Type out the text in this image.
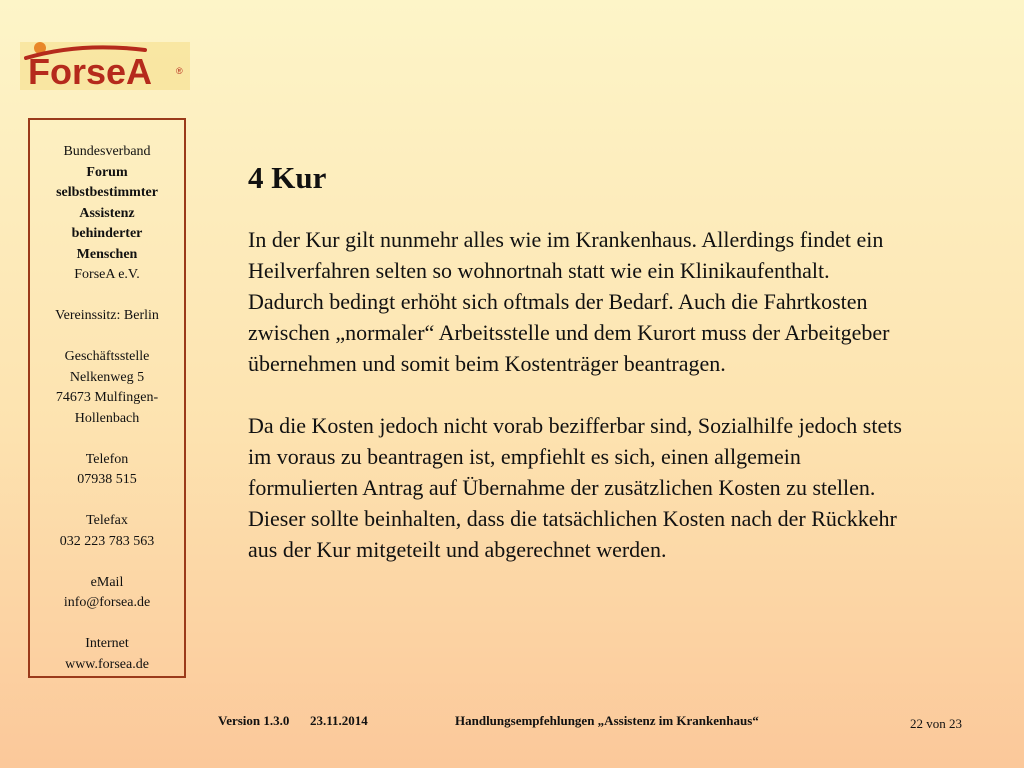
ForseA	®
Bundesverband
Forum
selbstbestimmter
Assistenz
behinderter
Menschen
ForseA e.V.
Vereinssitz: Berlin
Geschäftsstelle
Nelkenweg 5
74673 Mulfingen-
Hollenbach
Telefon
07938 515
Telefax
032 223 783 563
eMail
info@forsea.de
Internet
www.forsea.de
4 Kur

In der Kur gilt nunmehr alles wie im Krankenhaus. Allerdings findet ein Heilverfahren selten so wohnortnah statt wie ein Klinikaufenthalt. Dadurch bedingt erhöht sich oftmals der Bedarf. Auch die Fahrtkosten zwischen „normaler“ Arbeitsstelle und dem Kurort muss der Arbeitgeber übernehmen und somit beim Kostenträger beantragen.

Da die Kosten jedoch nicht vorab bezifferbar sind, Sozialhilfe jedoch stets im voraus zu beantragen ist, empfiehlt es sich, einen allgemein formulierten Antrag auf Übernahme der zusätzlichen Kosten zu stellen. Dieser sollte beinhalten, dass die tatsächlichen Kosten nach der Rückkehr aus der Kur mitgeteilt und abgerechnet werden.

Version 1.3.0 23.11.2014	Handlungsempfehlungen „Assistenz im Krankenhaus“	22 von 23
